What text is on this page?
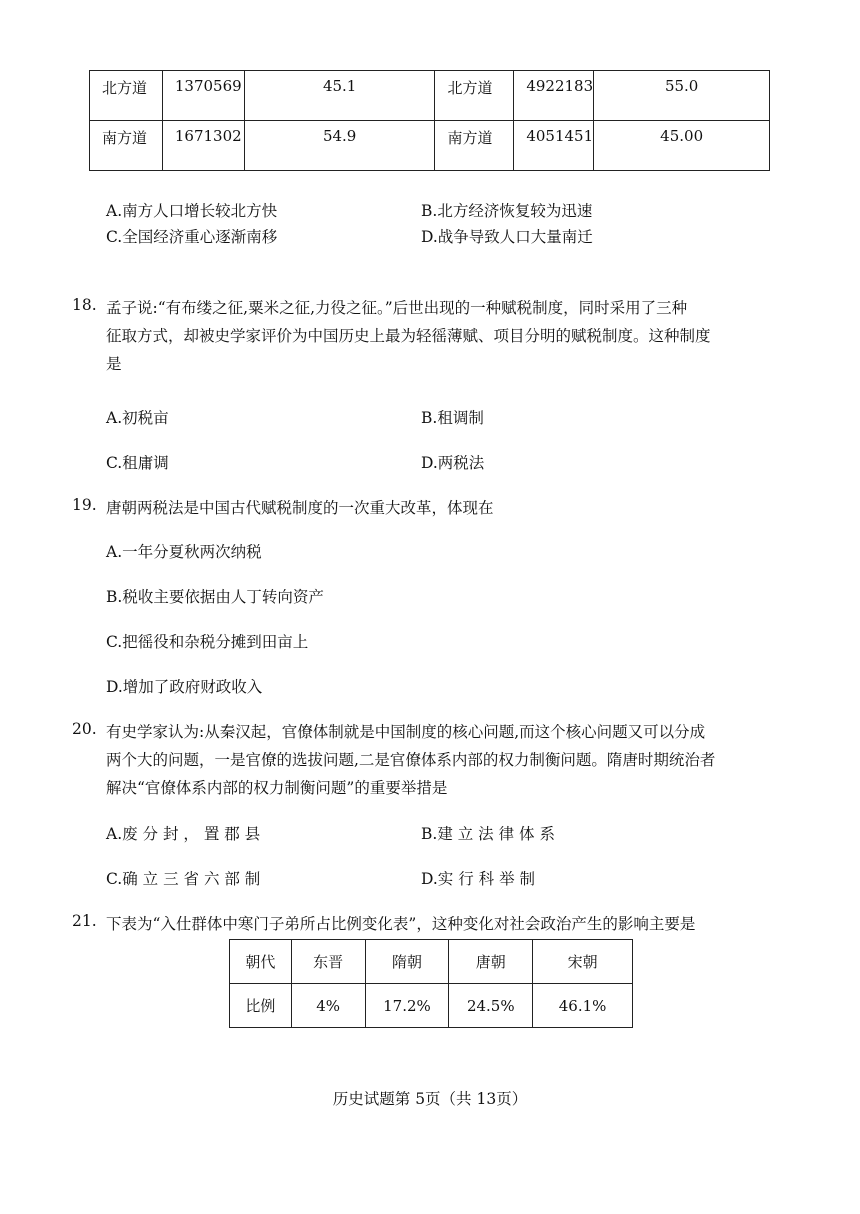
北方道	1370569	45.1	北方道	4922183	55.0
南方道	1671302	54.9	南方道	4051451	45.00
A.南方人口增长较北方快	B.北方经济恢复较为迅速
C.全国经济重心逐渐南移	D.战争导致人口大量南迁
18. 孟子说:“有布缕之征,粟米之征,力役之征。”后世出现的一种赋税制度，同时采用了三种
征取方式，却被史学家评价为中国历史上最为轻徭薄赋、项目分明的赋税制度。这种制度
是
A.初税亩	B.租调制
C.租庸调	D.两税法
19. 唐朝两税法是中国古代赋税制度的一次重大改革，体现在
A.一年分夏秋两次纳税
B.税收主要依据由人丁转向资产
C.把徭役和杂税分摊到田亩上
D.增加了政府财政收入
20. 有史学家认为:从秦汉起，官僚体制就是中国制度的核心问题,而这个核心问题又可以分成
两个大的问题，一是官僚的选拔问题,二是官僚体系内部的权力制衡问题。隋唐时期统治者
解决“官僚体系内部的权力制衡问题”的重要举措是
A.废 分 封 ， 置 郡 县	B.建 立 法 律 体 系
C.确 立 三 省 六 部 制	D.实 行 科 举 制
21. 下表为“入仕群体中寒门子弟所占比例变化表”，这种变化对社会政治产生的影响主要是
朝代	东晋	隋朝	唐朝	宋朝
比例	4%	17.2%	24.5%	46.1%
历史试题第 5页（共 13页）
